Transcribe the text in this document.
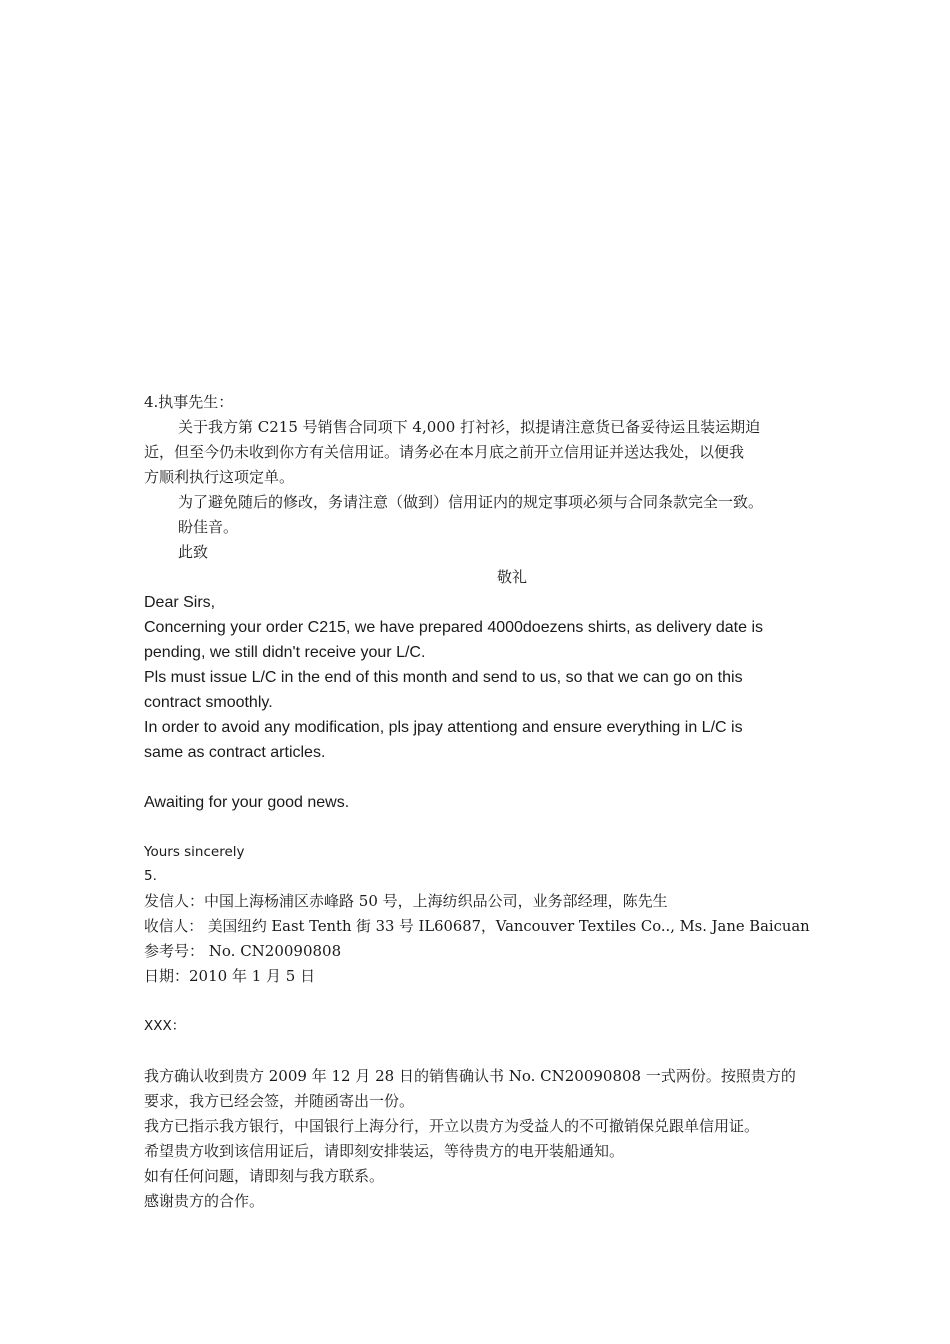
4.执事先生：
关于我方第 C215 号销售合同项下 4,000 打衬衫，拟提请注意货已备妥待运且装运期迫
近，但至今仍未收到你方有关信用证。请务必在本月底之前开立信用证并送达我处，以便我
方顺利执行这项定单。
为了避免随后的修改，务请注意（做到）信用证内的规定事项必须与合同条款完全一致。
盼佳音。
此致
敬礼
Dear Sirs,
Concerning your order C215, we have prepared 4000doezens shirts, as delivery date is
pending, we still didn't receive your L/C.
Pls must issue L/C in the end of this month and send to us, so that we can go on this
contract smoothly.
In order to avoid any modification, pls jpay attentiong and ensure everything in L/C is
same as contract articles.
Awaiting for your good news.
Yours sincerely
5.
发信人：中国上海杨浦区赤峰路 50 号，上海纺织品公司，业务部经理，陈先生
收信人： 美国纽约 East Tenth 街 33 号 IL60687，Vancouver Textiles Co.., Ms. Jane Baicuan
参考号： No. CN20090808
日期：2010 年 1 月 5 日
XXX：
我方确认收到贵方 2009 年 12 月 28 日的销售确认书 No. CN20090808 一式两份。按照贵方的
要求，我方已经会签，并随函寄出一份。
我方已指示我方银行，中国银行上海分行，开立以贵方为受益人的不可撤销保兑跟单信用证。
希望贵方收到该信用证后，请即刻安排装运，等待贵方的电开装船通知。
如有任何问题，请即刻与我方联系。
感谢贵方的合作。
